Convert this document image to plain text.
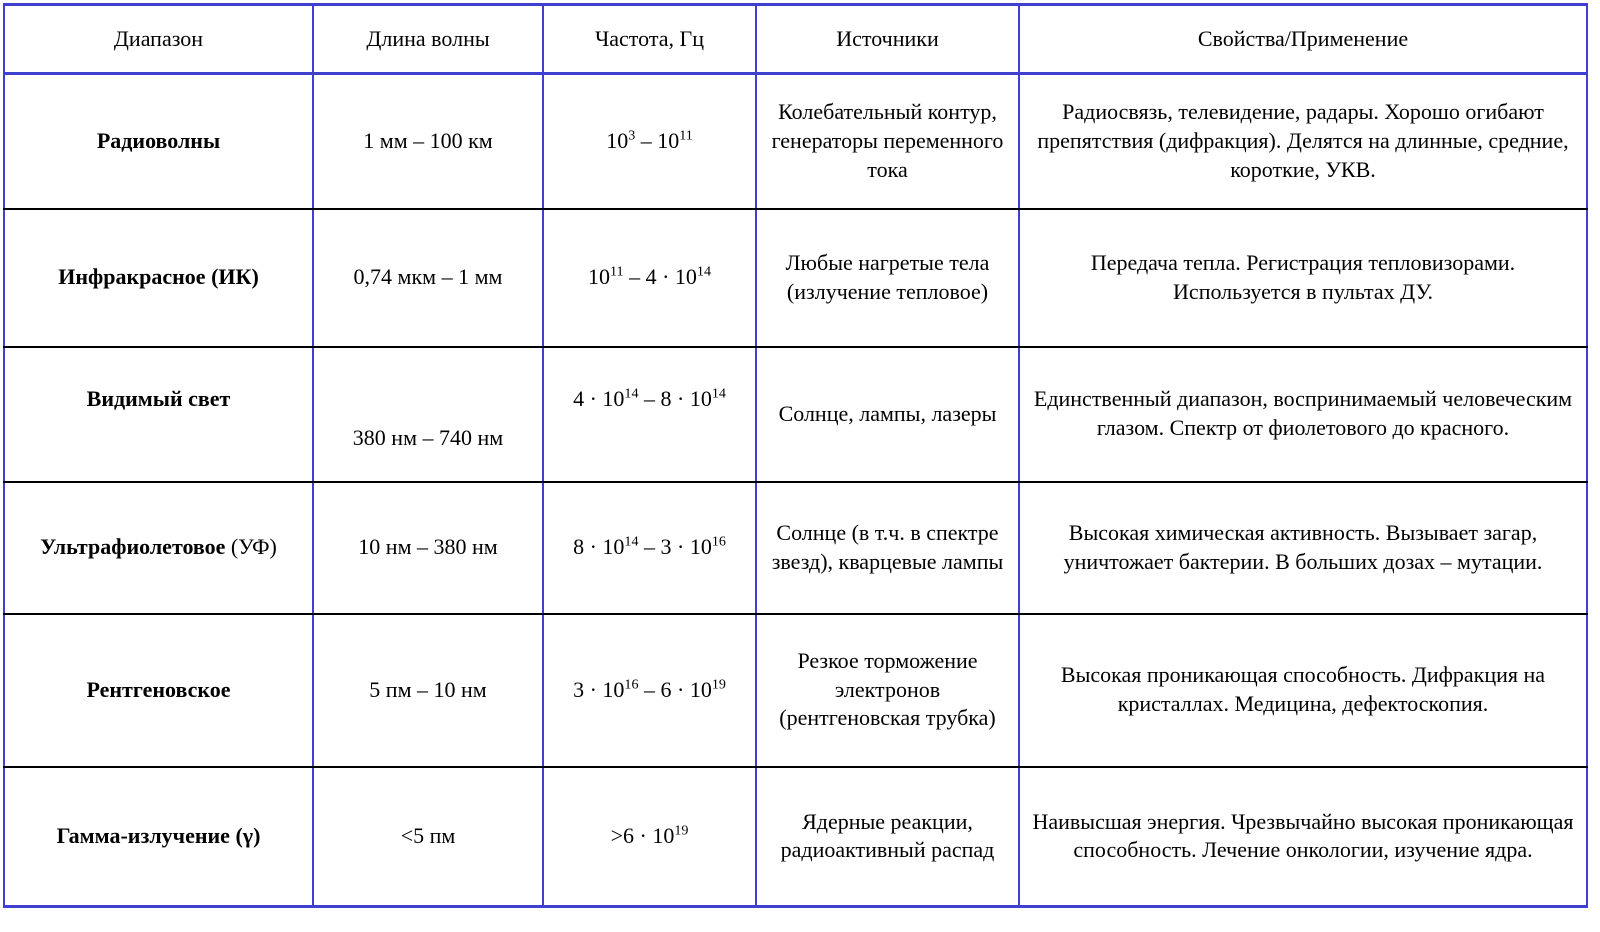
Диапазон	Длина волны	Частота, Гц	Источники	Свойства/Применение

Радиоволны	1 мм – 100 км	$10^3 - 10^{11}$	Колебательный контур, генераторы переменного тока	Радиосвязь, телевидение, радары. Хорошо огибают препятствия (дифракция). Делятся на длинные, средние, короткие, УКВ.

Инфракрасное (ИК)	0,74 мкм – 1 мм	$10^{11} - 4 \cdot 10^{14}$	Любые нагретые тела (излучение тепловое)	Передача тепла. Регистрация тепловизорами. Используется в пультах ДУ.

Видимый свет	380 нм – 740 нм	$4 \cdot 10^{14} - 8 \cdot 10^{14}$	Солнце, лампы, лазеры	Единственный диапазон, воспринимаемый человеческим глазом. Спектр от фиолетового до красного.
Ультрафиолетовое (УФ)	10 нм – 380 нм	$8 \cdot 10^{14} - 3 \cdot 10^{16}$	Солнце (в т.ч. в спектре звезд), кварцевые лампы	Высокая химическая активность. Вызывает загар, уничтожает бактерии. В больших дозах – мутации.

Рентгеновское	5 пм – 10 нм	$3 \cdot 10^{16} - 6 \cdot 10^{19}$	Резкое торможение электронов (рентгеновская трубка)	Высокая проникающая способность. Дифракция на кристаллах. Медицина, дефектоскопия.

Гамма-излучение (γ)	<5 пм	$>6 \cdot 10^{19}$	Ядерные реакции, радиоактивный распад	Наивысшая энергия. Чрезвычайно высокая проникающая способность. Лечение онкологии, изучение ядра.
